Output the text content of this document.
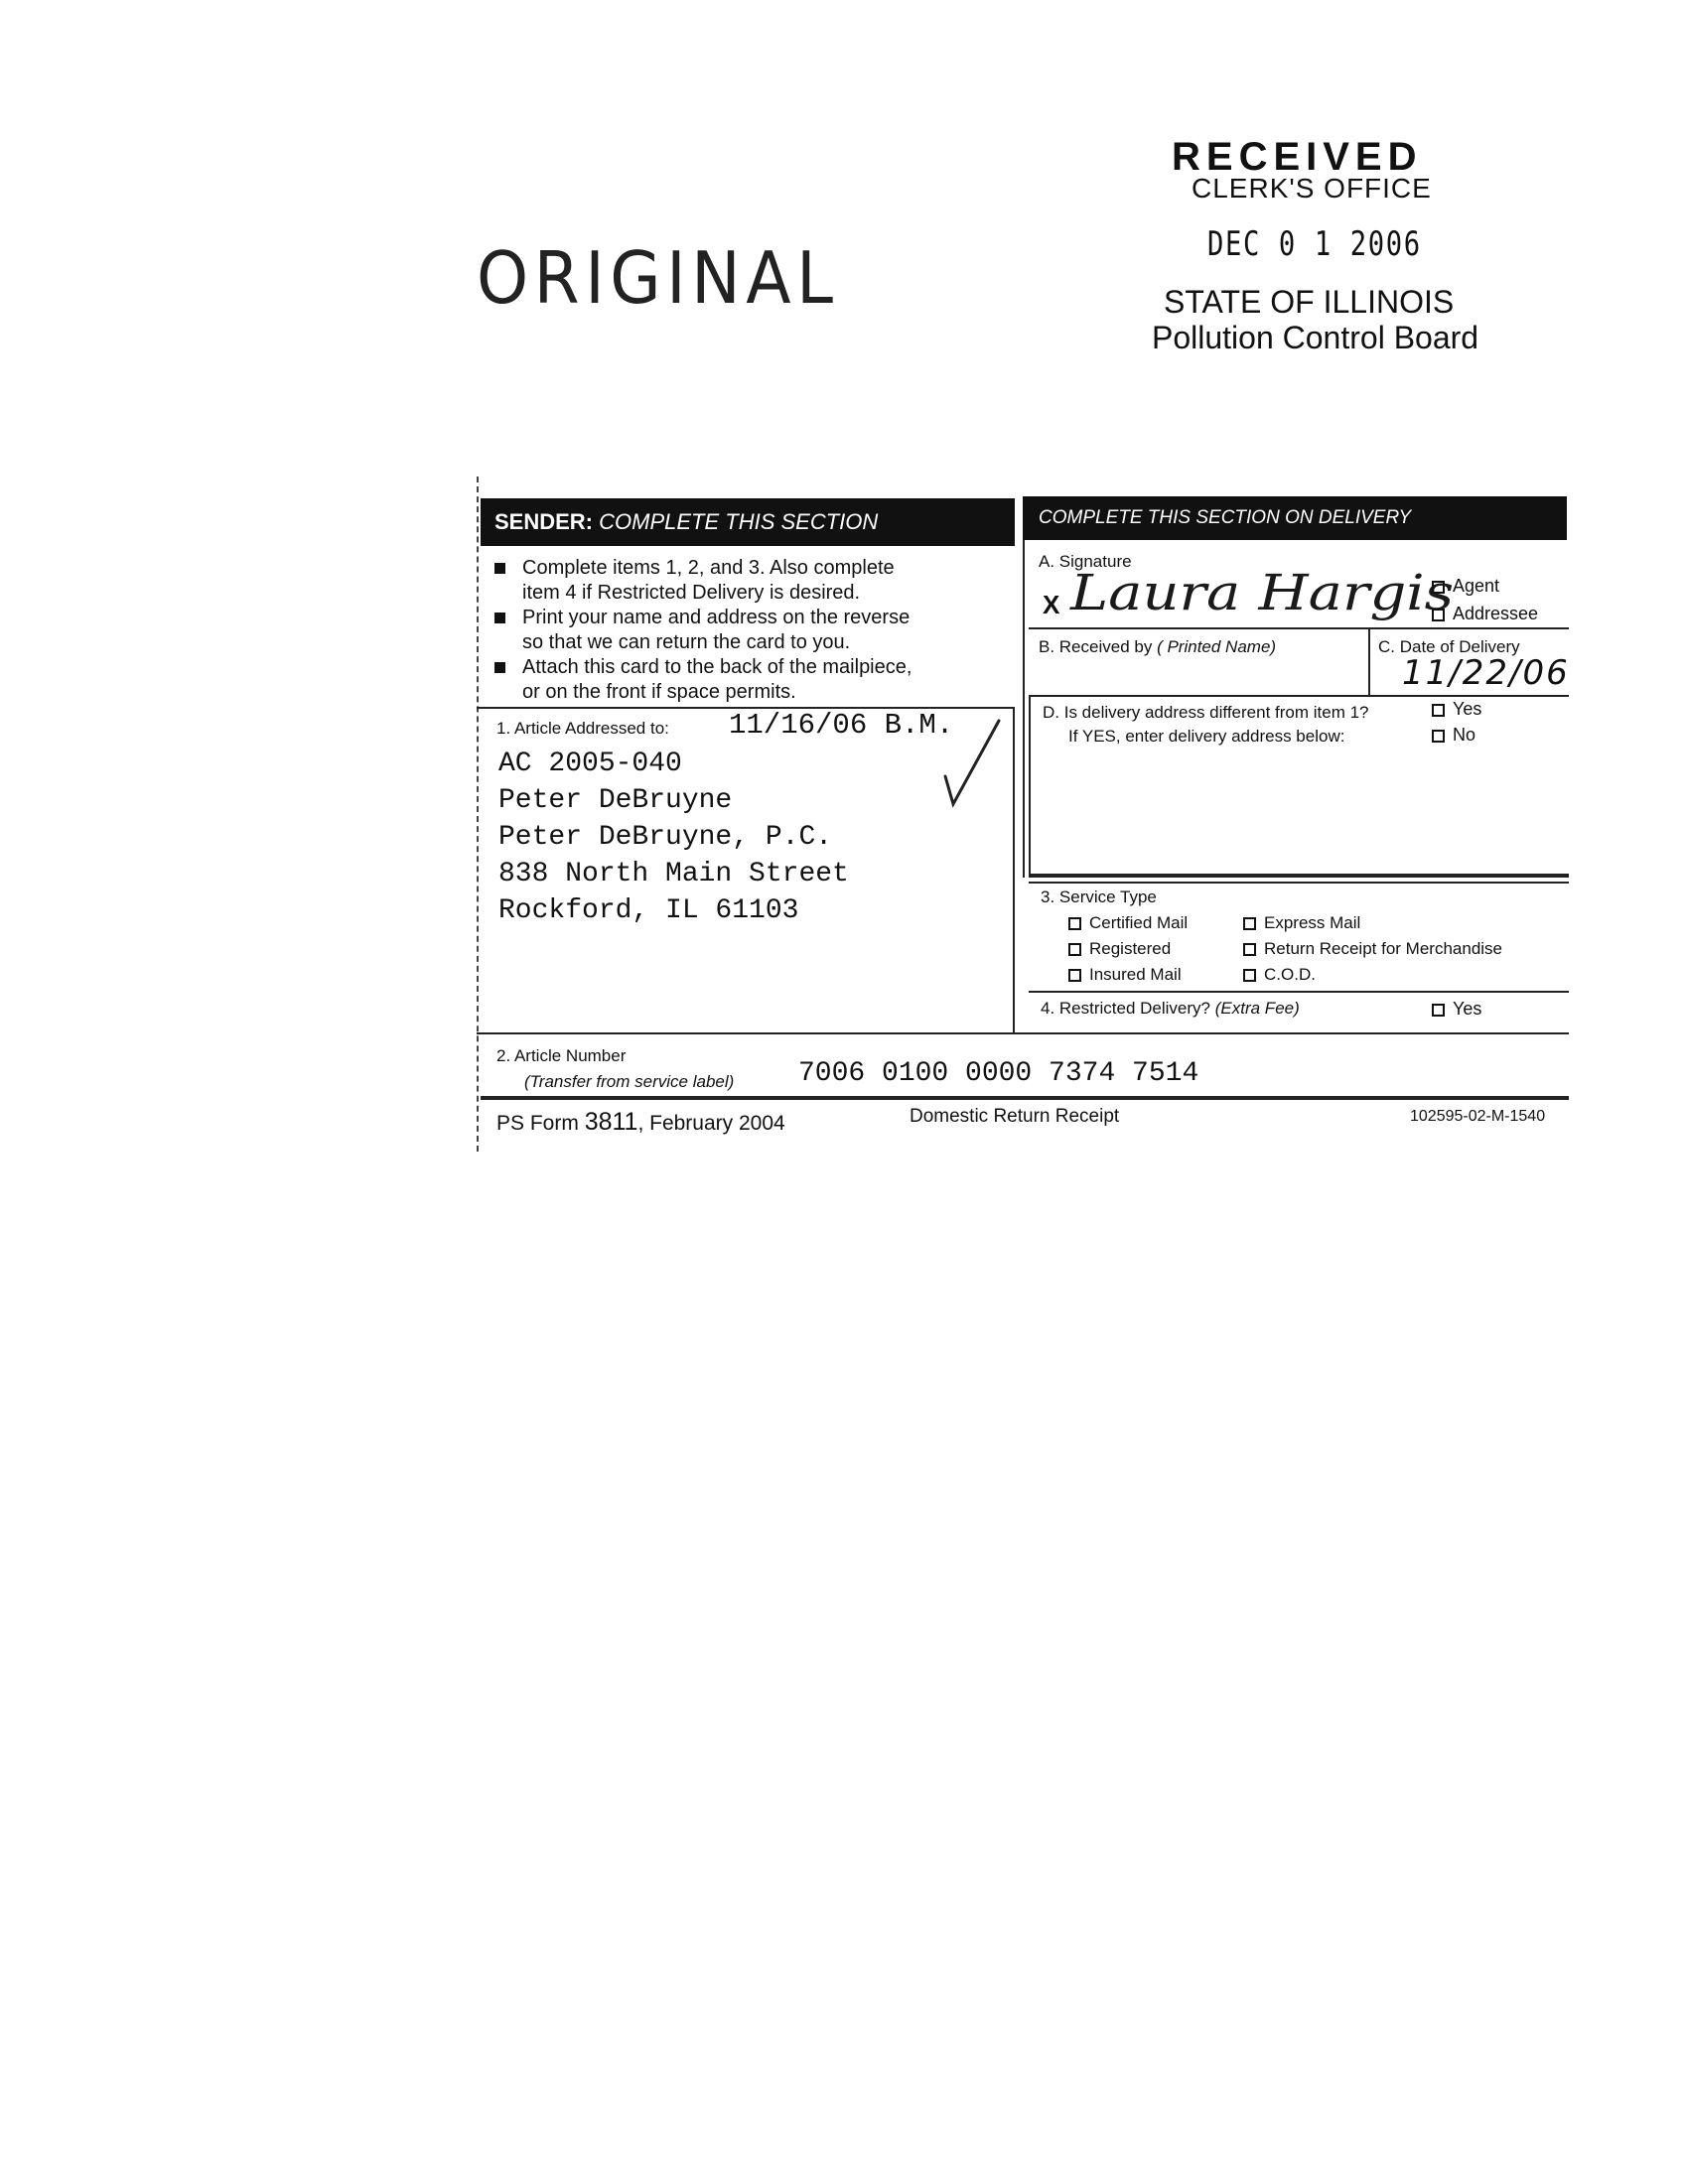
ORIGINAL
RECEIVED
CLERK'S OFFICE
DEC 0 1 2006
STATE OF ILLINOIS
Pollution Control Board
SENDER: COMPLETE THIS SECTION	COMPLETE THIS SECTION ON DELIVERY
Complete items 1, 2, and 3. Also complete
item 4 if Restricted Delivery is desired.
Print your name and address on the reverse
so that we can return the card to you.
Attach this card to the back of the mailpiece,
or on the front if space permits.
1. Article Addressed to: 11/16/06 B.M.
AC 2005-040
Peter DeBruyne
Peter DeBruyne, P.C.
838 North Main Street
Rockford, IL 61103
A. Signature
X Laura Hargis
Agent
Addressee
B. Received by ( Printed Name)	C. Date of Delivery
11/22/06
D. Is delivery address different from item 1?
If YES, enter delivery address below:
Yes
No
3. Service Type
Certified Mail	Express Mail
Registered	Return Receipt for Merchandise
Insured Mail	C.O.D.
4. Restricted Delivery? (Extra Fee)	Yes
2. Article Number
(Transfer from service label) 7006 0100 0000 7374 7514
PS Form 3811, February 2004	Domestic Return Receipt	102595-02-M-1540
